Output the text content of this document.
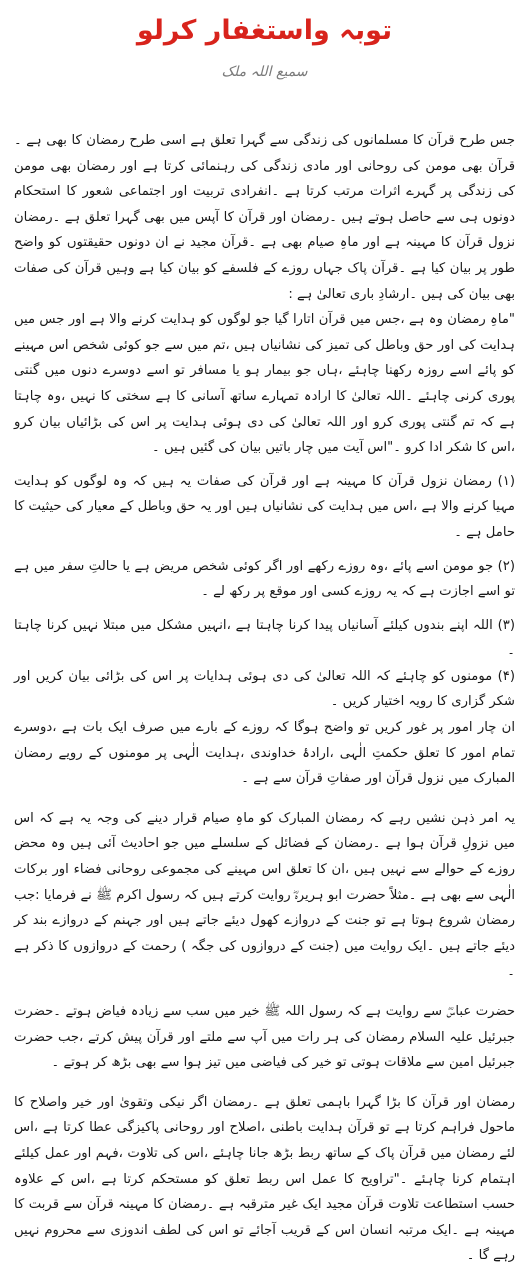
توبہ واستغفار کرلو
سمیع اللہ ملک

جس طرح قرآن کا مسلمانوں کی زندگی سے گہرا تعلق ہے اسی طرح رمضان کا بھی ہے ۔قرآن بھی مومن کی روحانی اور مادی زندگی کی رہنمائی کرتا ہے اور رمضان بھی مومن کی زندگی پر گہرے اثرات مرتب کرتا ہے ۔انفرادی تربیت اور اجتماعی شعور کا استحکام دونوں ہی سے حاصل ہوتے ہیں ۔رمضان اور قرآن کا آپس میں بھی گہرا تعلق ہے ۔رمضان نزول قرآن کا مہینہ ہے اور ماہِ صیام بھی ہے ۔قرآن مجید نے ان دونوں حقیقتوں کو واضح طور پر بیان کیا ہے ۔قرآن پاک جہاں روزے کے فلسفے کو بیان کیا ہے وہیں قرآن کی صفات بھی بیان کی ہیں ۔ارشادِ باری تعالیٰ ہے :

"ماہِ رمضان وہ ہے ،جس میں قرآن اتارا گیا جو لوگوں کو ہدایت کرنے والا ہے اور جس میں ہدایت کی اور حق وباطل کی تمیز کی نشانیاں ہیں ،تم میں سے جو کوئی شخص اس مہینے کو پائے اسے روزہ رکھنا چاہئے ،ہاں جو بیمار ہو یا مسافر تو اسے دوسرے دنوں میں گنتی پوری کرنی چاہئے ۔اللہ تعالیٰ کا ارادہ تمہارے ساتھ آسانی کا ہے سختی کا نہیں ،وہ چاہتا ہے کہ تم گنتی پوری کرو اور اللہ تعالیٰ کی دی ہوئی ہدایت پر اس کی بڑائیاں بیان کرو ،اس کا شکر ادا کرو ۔"اس آیت میں چار باتیں بیان کی گئیں ہیں ۔

(۱) رمضان نزول قرآن کا مہینہ ہے اور قرآن کی صفات یہ ہیں کہ وہ لوگوں کو ہدایت مہیا کرنے والا ہے ،اس میں ہدایت کی نشانیاں ہیں اور یہ حق وباطل کے معیار کی حیثیت کا حامل ہے ۔

(۲) جو مومن اسے پائے ،وہ روزے رکھے اور اگر کوئی شخص مریض ہے یا حالتِ سفر میں ہے تو اسے اجازت ہے کہ یہ روزے کسی اور موقع پر رکھ لے ۔

(۳) اللہ اپنے بندوں کیلئے آسانیاں پیدا کرنا چاہتا ہے ،انہیں مشکل میں مبتلا نہیں کرنا چاہتا ۔

(۴) مومنوں کو چاہئے کہ اللہ تعالیٰ کی دی ہوئی ہدایات پر اس کی بڑائی بیان کریں اور شکر گزاری کا رویہ اختیار کریں ۔

ان چار امور پر غور کریں تو واضح ہوگا کہ روزے کے بارے میں صرف ایک بات ہے ،دوسرے تمام امور کا تعلق حکمتِ الٰہی ،ارادۂ خداوندی ،ہدایت الٰہی پر مومنوں کے رویے رمضان المبارک میں نزول قرآن اور صفاتِ قرآن سے ہے ۔

یہ امر ذہن نشیں رہے کہ رمضان المبارک کو ماہِ صیام قرار دینے کی وجہ یہ ہے کہ اس میں نزولِ قرآن ہوا ہے ۔رمضان کے فضائل کے سلسلے میں جو احادیث آئی ہیں وہ محض روزے کے حوالے سے نہیں ہیں ،ان کا تعلق اس مہینے کی مجموعی روحانی فضاء اور برکات الٰہی سے بھی ہے ۔مثلاً حضرت ابو ہریرہؓ روایت کرتے ہیں کہ رسول اکرم ﷺ نے فرمایا :جب رمضان شروع ہوتا ہے تو جنت کے دروازے کھول دیئے جاتے ہیں اور جہنم کے دروازے بند کر دیئے جاتے ہیں ۔ایک روایت میں (جنت کے دروازوں کی جگہ ) رحمت کے دروازوں کا ذکر ہے ۔

حضرت عباسؓ سے روایت ہے کہ رسول اللہ ﷺ خیر میں سب سے زیادہ فیاض ہوتے ۔حضرت جبرئیل علیہ السلام رمضان کی ہر رات میں آپ سے ملتے اور قرآن پیش کرتے ،جب حضرت جبرئیل امین سے ملاقات ہوتی تو خیر کی فیاضی میں تیز ہوا سے بھی بڑھ کر ہوتے ۔

رمضان اور قرآن کا بڑا گہرا باہمی تعلق ہے ۔رمضان اگر نیکی وتقویٰ اور خیر واصلاح کا ماحول فراہم کرتا ہے تو قرآن ہدایت باطنی ،اصلاح اور روحانی پاکیزگی عطا کرتا ہے ،اس لئے رمضان میں قرآن پاک کے ساتھ ربط بڑھ جانا چاہئے ،اس کی تلاوت ،فہم اور عمل کیلئے اہتمام کرنا چاہئے ۔"تراویح کا عمل اس ربط تعلق کو مستحکم کرتا ہے ،اس کے علاوہ حسب استطاعت تلاوت قرآن مجید ایک غیر مترقبہ ہے ۔رمضان کا مہینہ قرآن سے قربت کا مہینہ ہے ۔ایک مرتبہ انسان اس کے قریب آجائے تو اس کی لطف اندوزی سے محروم نہیں رہے گا ۔
